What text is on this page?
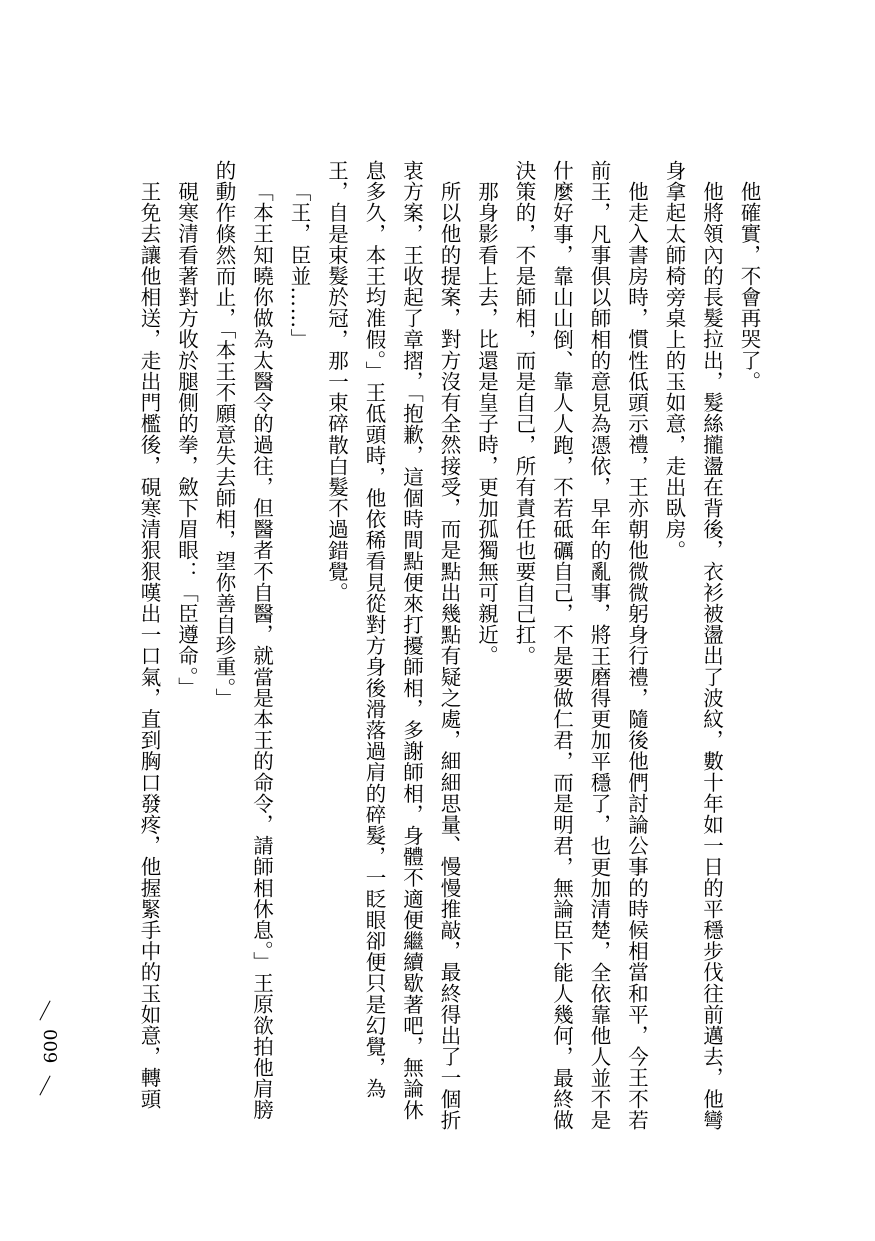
他確實，不會再哭了。

他將領內的長髮拉出，髮絲攏盪在背後，衣衫被盪出了波紋，數十年如一日的平穩步伐往前邁去，他彎身拿起太師椅旁桌上的玉如意，走出臥房。

他走入書房時，慣性低頭示禮，王亦朝他微微躬身行禮，隨後他們討論公事的時候相當和平，今王不若前王，凡事俱以師相的意見為憑依，早年的亂事，將王磨得更加平穩了，也更加清楚，全依靠他人並不是什麼好事，靠山山倒、靠人人跑，不若砥礪自己，不是要做仁君，而是明君，無論臣下能人幾何，最終做決策的，不是師相，而是自己，所有責任也要自己扛。

那身影看上去，比還是皇子時，更加孤獨無可親近。

所以他的提案，對方沒有全然接受，而是點出幾點有疑之處，細細思量、慢慢推敲，最終得出了一個折衷方案，王收起了章摺，「抱歉，這個時間點便來打擾師相，多謝師相，身體不適便繼續歇著吧，無論休息多久，本王均准假。」王低頭時，他依稀看見從對方身後滑落過肩的碎髮，一眨眼卻便只是幻覺，為王，自是束髮於冠，那一束碎散白髮不過錯覺。

「王，臣並……」

「本王知曉你做為太醫令的過往，但醫者不自醫，就當是本王的命令，請師相休息。」王原欲拍他肩膀的動作倏然而止，「本王不願意失去師相，望你善自珍重。」

硯寒清看著對方收於腿側的拳，斂下眉眼：「臣遵命。」

王免去讓他相送，走出門檻後，硯寒清狠狠嘆出一口氣，直到胸口發疼，他握緊手中的玉如意，轉頭

009
